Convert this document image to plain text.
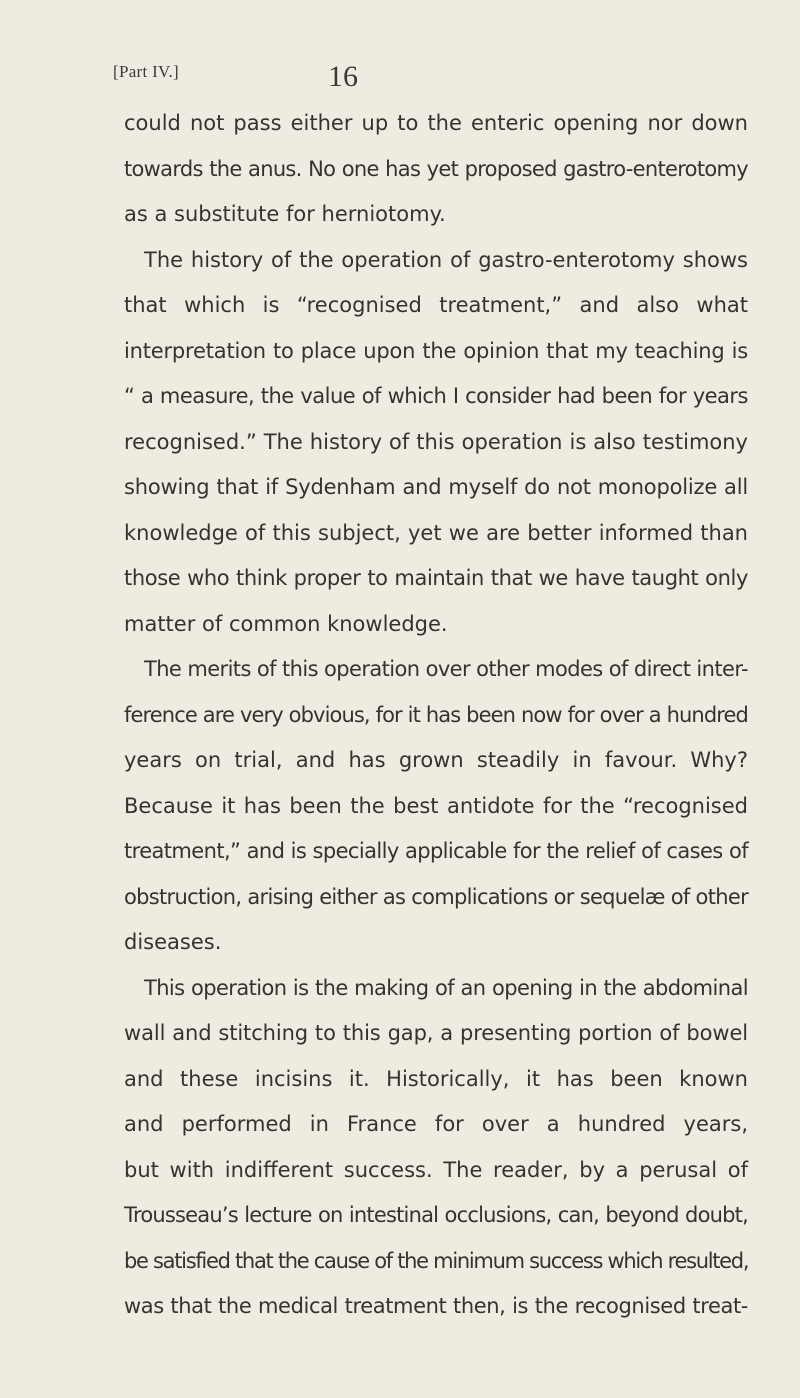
[Part IV.]	16
could not pass either up to the enteric opening nor down
towards the anus. No one has yet proposed gastro-enterotomy
as a substitute for herniotomy.
The history of the operation of gastro-enterotomy shows
that which is “recognised treatment,” and also what
interpretation to place upon the opinion that my teaching is
“ a measure, the value of which I consider had been for years
recognised.” The history of this operation is also testimony
showing that if Sydenham and myself do not monopolize all
knowledge of this subject, yet we are better informed than
those who think proper to maintain that we have taught only
matter of common knowledge.
The merits of this operation over other modes of direct inter-
ference are very obvious, for it has been now for over a hundred
years on trial, and has grown steadily in favour. Why?
Because it has been the best antidote for the “recognised
treatment,” and is specially applicable for the relief of cases of
obstruction, arising either as complications or sequelæ of other
diseases.
This operation is the making of an opening in the abdominal
wall and stitching to this gap, a presenting portion of bowel
and these incisins it. Historically, it has been known
and performed in France for over a hundred years,
but with indifferent success. The reader, by a perusal of
Trousseau’s lecture on intestinal occlusions, can, beyond doubt,
be satisfied that the cause of the minimum success which resulted,
was that the medical treatment then, is the recognised treat-
